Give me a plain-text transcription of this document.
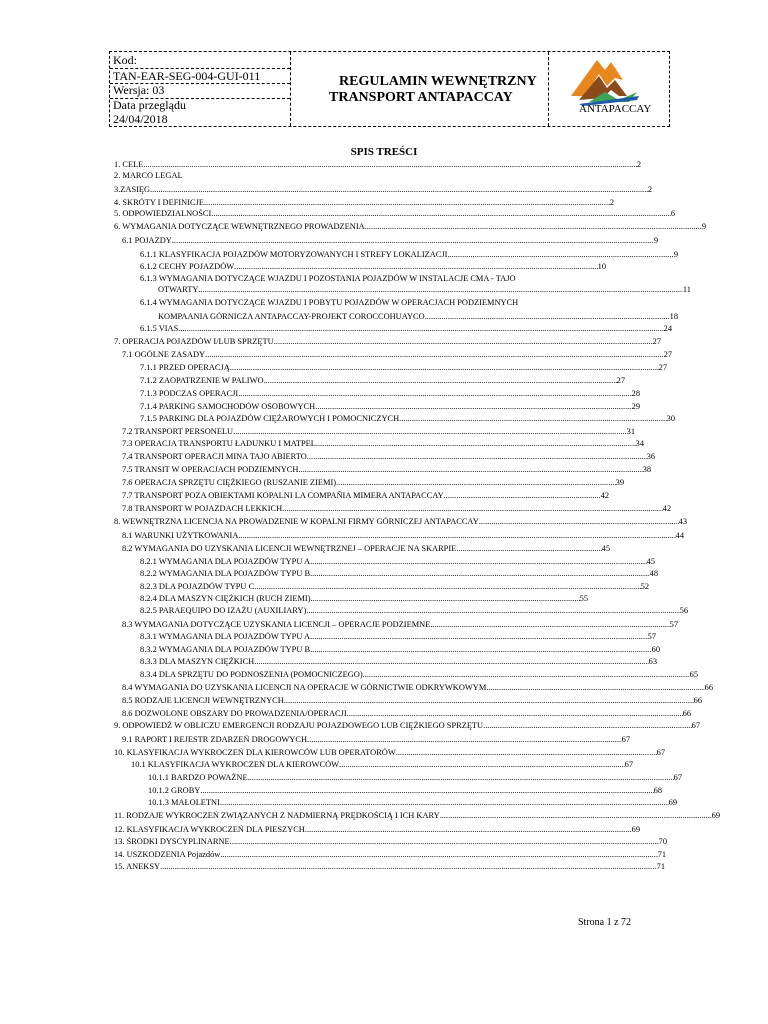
Kod:
TAN-EAR-SEG-004-GUI-011
Wersja: 03
Data przeglądu
24/04/2018
REGULAMIN WEWNĘTRZNY
TRANSPORT ANTAPACCAY
ANTAPACCAY
SPIS TREŚCI
1. CELE .....	2
2. MARCO LEGAL
3.ZASIĘG .....	2
4. SKRÓTY I DEFINICJE .....	2
5. ODPOWIEDZIALNOŚCI .....	6
6. WYMAGANIA DOTYCZĄCE WEWNĘTRZNEGO PROWADZENIA .....	9
6.1 POJAZDY .....	9
6.1.1 KLASYFIKACJA POJAZDÓW MOTORYZOWANYCH I STREFY LOKALIZACJI .....	9
6.1.2 CECHY POJAZDÓW .....	10
6.1.3 WYMAGANIA DOTYCZĄCE WJAZDU I POZOSTANIA POJAZDÓW W INSTALACJE CMA - TAJO
OTWARTY .....	11
6.1.4 WYMAGANIA DOTYCZĄCE WJAZDU I POBYTU POJAZDÓW W OPERACJACH PODZIEMNYCH
KOMPAANIA GÓRNICZA ANTAPACCAY-PROJEKT COROCCOHUAYCO .....	18
6.1.5 VIAS .....	24
7. OPERACJA POJAZDÓW I/LUB SPRZĘTU .....	27
7.1 OGÓLNE ZASADY .....	27
7.1.1 PRZED OPERACJĄ .....	27
7.1.2 ZAOPATRZENIE W PALIWO .....	27
7.1.3 PODCZAS OPERACJI .....	28
7.1.4 PARKING SAMOCHODÓW OSOBOWYCH .....	29
7.1.5 PARKING DLA POJAZDÓW CIĘŻAROWYCH I POMOCNICZYCH .....	30
7.2 TRANSPORT PERSONELU .....	31
7.3 OPERACJA TRANSPORTU ŁADUNKU I MATPEL .....	34
7.4 TRANSPORT OPERACJI MINA TAJO ABIERTO .....	36
7.5 TRANSIT W OPERACJACH PODZIEMNYCH .....	38
7.6 OPERACJA SPRZĘTU CIĘŻKIEGO (RUSZANIE ZIEMI) .....	39
7.7 TRANSPORT POZA OBIEKTAMI KOPALNI LA COMPAÑIA MIMERA ANTAPACCAY .....	42
7.8 TRANSPORT W POJAZDACH LEKKICH .....	42
8. WEWNĘTRZNA LICENCJA NA PROWADZENIE W KOPALNI FIRMY GÓRNICZEJ ANTAPACCAY .....	43
8.1 WARUNKI UŻYTKOWANIA .....	44
8.2 WYMAGANIA DO UZYSKANIA LICENCJI WEWNĘTRZNEJ – OPERACJE NA SKARPIE .....	45
8.2.1 WYMAGANIA DLA POJAZDÓW TYPU A .....	45
8.2.2 WYMAGANIA DLA POJAZDÓW TYPU B .....	48
8.2.3 DLA POJAZDÓW TYPU C .....	52
8.2.4 DLA MASZYN CIĘŻKICH (RUCH ZIEMI) .....	55
8.2.5 PARAEQUIPO DO IZAŻU (AUXILIARY) .....	56
8.3 WYMAGANIA DOTYCZĄCE UZYSKANIA LICENCJI – OPERACJE PODZIEMNE .....	57
8.3.1 WYMAGANIA DLA POJAZDÓW TYPU A .....	57
8.3.2 WYMAGANIA DLA POJAZDÓW TYPU B .....	60
8.3.3 DLA MASZYN CIĘŻKICH .....	63
8.3.4 DLA SPRZĘTU DO PODNOSZENIA (POMOCNICZEGO) .....	65
8.4 WYMAGANIA DO UZYSKANIA LICENCJI NA OPERACJE W GÓRNICTWIE ODKRYWKOWYM .....	66
8.5 RODZAJE LICENCJI WEWNĘTRZNYCH .....	66
8.6 DOZWOLONE OBSZARY DO PROWADZENIA/OPERACJI .....	66
9. ODPOWIEDŹ W OBLICZU EMERGENCJI RODZAJU POJAZDOWEGO LUB CIĘŻKIEGO SPRZĘTU .....	67
9.1 RAPORT I REJESTR ZDARZEŃ DROGOWYCH .....	67
10. KLASYFIKACJA WYKROCZEŃ DLA KIEROWCÓW LUB OPERATORÓW .....	67
10.1 KLASYFIKACJA WYKROCZEŃ DLA KIEROWCÓW .....	67
10.1.1 BARDZO POWAŻNE .....	67
10.1.2 GROBY .....	68
10.1.3 MAŁOLETNI .....	69
11. RODZAJE WYKROCZEŃ ZWIĄZANYCH Z NADMIERNĄ PRĘDKOŚCIĄ I ICH KARY .....	69
12. KLASYFIKACJA WYKROCZEŃ DLA PIESZYCH .....	69
13. ŚRODKI DYSCYPLINARNE .....	70
14. USZKODZENIA Pojazdów .....	71
15. ANEKSY .....	71
Strona 1 z 72
